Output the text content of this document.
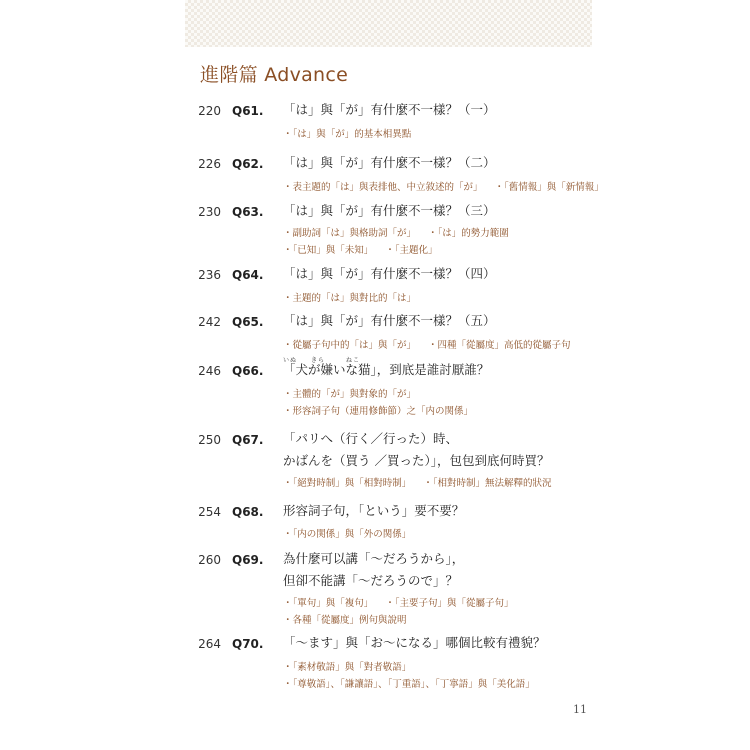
進階篇 Advance
220 Q61. 「は」與「が」有什麼不一樣？（一）
・「は」與「が」的基本相異點
226 Q62. 「は」與「が」有什麼不一樣？（二）
・表主題的「は」與表排他、中立敘述的「が」 ・「舊情報」與「新情報」
230 Q63. 「は」與「が」有什麼不一樣？（三）
・副助詞「は」與格助詞「が」 ・「は」的勢力範圍
・「已知」與「未知」 ・「主題化」
236 Q64. 「は」與「が」有什麼不一樣？（四）
・主題的「は」與對比的「は」
242 Q65. 「は」與「が」有什麼不一樣？（五）
・從屬子句中的「は」與「が」 ・四種「從屬度」高低的從屬子句
246 Q66.
いぬ　　きら　　　ねこ
「犬が嫌いな猫」，到底是誰討厭誰？
・主體的「が」與對象的「が」
・形容詞子句（連用修飾節）之「内の関係」
250 Q67. 「パリへ（行く／行った）時、
かばんを（買う ／買った）」，包包到底何時買？
・「絕對時制」與「相對時制」 ・「相對時制」無法解釋的狀況
254 Q68. 形容詞子句，「という」要不要？
・「内の関係」與「外の関係」
260 Q69. 為什麼可以講「〜だろうから」，
但卻不能講「〜だろうので」？
・「單句」與「複句」 ・「主要子句」與「從屬子句」
・各種「從屬度」例句與說明
264 Q70. 「〜ます」與「お〜になる」哪個比較有禮貌？
・「素材敬語」與「對者敬語」
・「尊敬語」、「謙讓語」、「丁重語」、「丁寧語」與「美化語」
11
